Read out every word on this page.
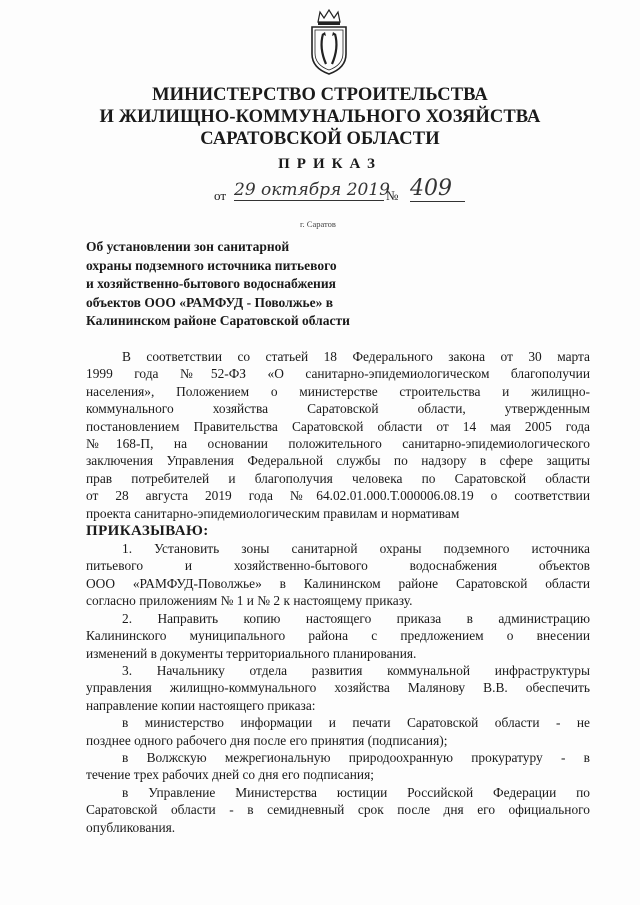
МИНИСТЕРСТВО СТРОИТЕЛЬСТВА
И ЖИЛИЩНО-КОММУНАЛЬНОГО ХОЗЯЙСТВА
САРАТОВСКОЙ ОБЛАСТИ
ПРИКАЗ
от 29 октября 2019
№ 409
г. Саратов
Об установлении зон санитарной
охраны подземного источника питьевого
и хозяйственно-бытового водоснабжения
объектов ООО «РАМФУД - Поволжье» в
Калининском районе Саратовской области
В соответствии со статьей 18 Федерального закона от 30 марта
1999 года №52-ФЗ «О санитарно-эпидемиологическом благополучии
населения», Положением о министерстве строительства и жилищно-
коммунального хозяйства Саратовской области, утвержденным
постановлением Правительства Саратовской области от 14 мая 2005 года
№168-П, на основании положительного санитарно-эпидемиологического
заключения Управления Федеральной службы по надзору в сфере защиты
прав потребителей и благополучия человека по Саратовской области
от 28 августа 2019 года №64.02.01.000.Т.000006.08.19 о соответствии
проекта санитарно-эпидемиологическим правилам и нормативам
ПРИКАЗЫВАЮ:
1. Установить зоны санитарной охраны подземного источника
питьевого и хозяйственно-бытового водоснабжения объектов
ООО «РАМФУД-Поволжье» в Калининском районе Саратовской области
согласно приложениям № 1 и № 2 к настоящему приказу.
2. Направить копию настоящего приказа в администрацию
Калининского муниципального района с предложением о внесении
изменений в документы территориального планирования.
3. Начальнику отдела развития коммунальной инфраструктуры
управления жилищно-коммунального хозяйства Малянову В.В. обеспечить
направление копии настоящего приказа:
в министерство информации и печати Саратовской области - не
позднее одного рабочего дня после его принятия (подписания);
в Волжскую межрегиональную природоохранную прокуратуру - в
течение трех рабочих дней со дня его подписания;
в Управление Министерства юстиции Российской Федерации по
Саратовской области - в семидневный срок после дня его официального
опубликования.
